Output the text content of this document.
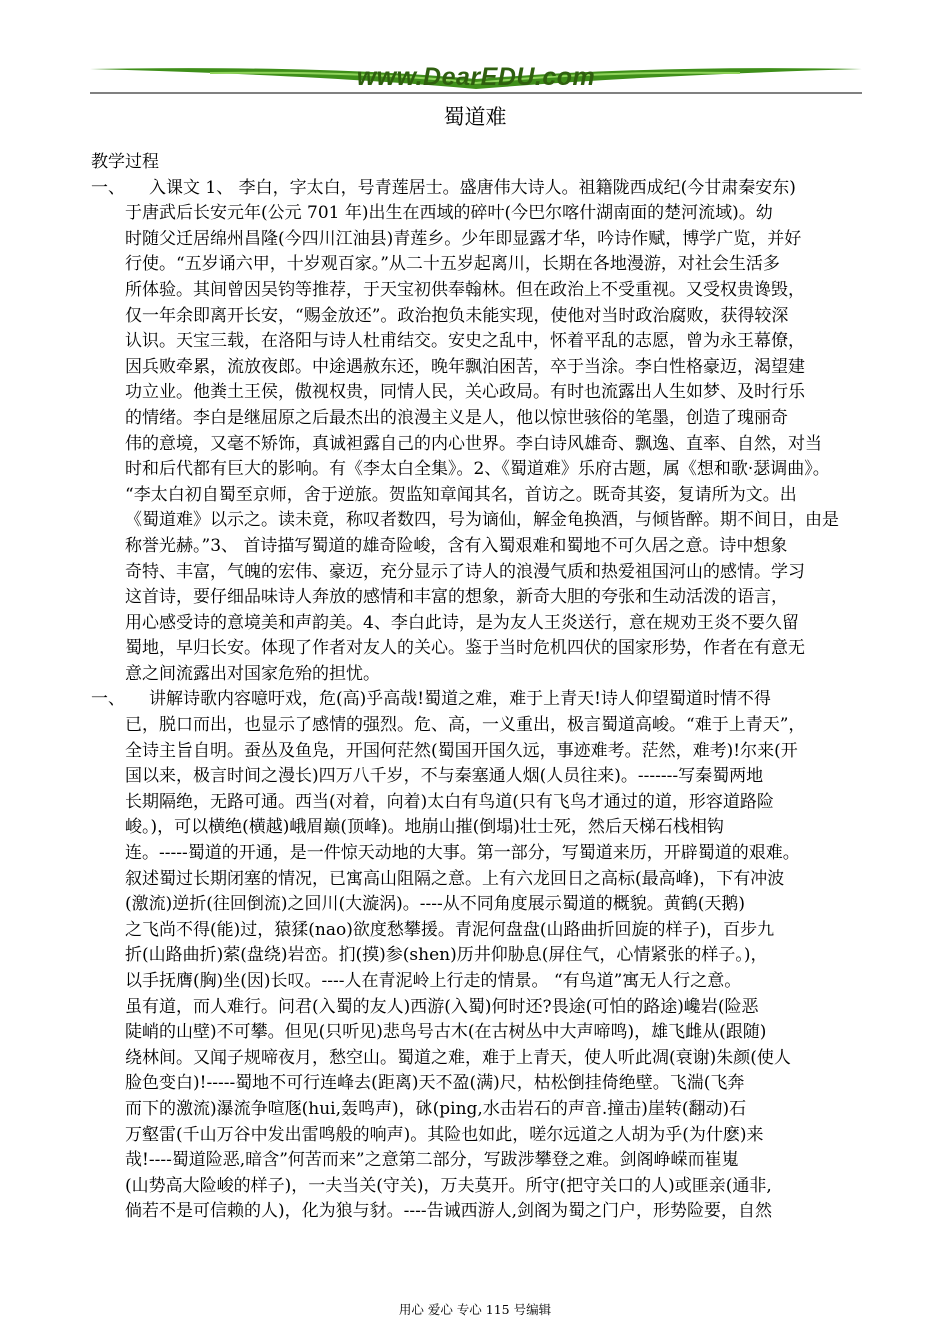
www.DearEDU.com
蜀道难
教学过程
一、 入课文 1、 李白，字太白，号青莲居士。盛唐伟大诗人。祖籍陇西成纪(今甘肃秦安东)
于唐武后长安元年(公元 701 年)出生在西域的碎叶(今巴尔喀什湖南面的楚河流域)。幼
时随父迁居绵州昌隆(今四川江油县)青莲乡。少年即显露才华，吟诗作赋，博学广览，并好
行使。“五岁诵六甲，十岁观百家。”从二十五岁起离川，长期在各地漫游，对社会生活多
所体验。其间曾因吴钧等推荐，于天宝初供奉翰林。但在政治上不受重视。又受权贵谗毁，
仅一年余即离开长安，“赐金放还”。政治抱负未能实现，使他对当时政治腐败，获得较深
认识。天宝三载，在洛阳与诗人杜甫结交。安史之乱中，怀着平乱的志愿，曾为永王幕僚，
因兵败牵累，流放夜郎。中途遇赦东还，晚年飘泊困苦，卒于当涂。李白性格豪迈，渴望建
功立业。他粪土王侯，傲视权贵，同情人民，关心政局。有时也流露出人生如梦、及时行乐
的情绪。李白是继屈原之后最杰出的浪漫主义是人，他以惊世骇俗的笔墨，创造了瑰丽奇
伟的意境，又毫不矫饰，真诚袒露自己的内心世界。李白诗风雄奇、飘逸、直率、自然，对当
时和后代都有巨大的影响。有《李太白全集》。2、《蜀道难》乐府古题，属《想和歌·瑟调曲》。
“李太白初自蜀至京师，舍于逆旅。贺监知章闻其名，首访之。既奇其姿，复请所为文。出
《蜀道难》以示之。读未竟，称叹者数四，号为谪仙，解金龟换酒，与倾皆醉。期不间日，由是
称誉光赫。”3、 首诗描写蜀道的雄奇险峻，含有入蜀艰难和蜀地不可久居之意。诗中想象
奇特、丰富，气魄的宏伟、豪迈，充分显示了诗人的浪漫气质和热爱祖国河山的感情。学习
这首诗，要仔细品味诗人奔放的感情和丰富的想象，新奇大胆的夸张和生动活泼的语言，
用心感受诗的意境美和声韵美。4、李白此诗，是为友人王炎送行，意在规劝王炎不要久留
蜀地，早归长安。体现了作者对友人的关心。鉴于当时危机四伏的国家形势，作者在有意无
意之间流露出对国家危殆的担忧。
一、 讲解诗歌内容噫吁戏，危(高)乎高哉!蜀道之难，难于上青天!诗人仰望蜀道时情不得
已，脱口而出，也显示了感情的强烈。危、高，一义重出，极言蜀道高峻。“难于上青天”，
全诗主旨自明。蚕丛及鱼凫，开国何茫然(蜀国开国久远，事迹难考。茫然，难考)!尔来(开
国以来，极言时间之漫长)四万八千岁，不与秦塞通人烟(人员往来)。-------写秦蜀两地
长期隔绝，无路可通。西当(对着，向着)太白有鸟道(只有飞鸟才通过的道，形容道路险
峻。)，可以横绝(横越)峨眉巅(顶峰)。地崩山摧(倒塌)壮士死，然后天梯石栈相钩
连。-----蜀道的开通，是一件惊天动地的大事。第一部分，写蜀道来历，开辟蜀道的艰难。
叙述蜀过长期闭塞的情况，已寓高山阻隔之意。上有六龙回日之高标(最高峰)，下有冲波
(激流)逆折(往回倒流)之回川(大漩涡)。----从不同角度展示蜀道的概貌。黄鹤(天鹅)
之飞尚不得(能)过，猿猱(nao)欲度愁攀援。青泥何盘盘(山路曲折回旋的样子)，百步九
折(山路曲折)萦(盘绕)岩峦。扪(摸)参(shen)历井仰胁息(屏住气，心情紧张的样子。)，
以手抚膺(胸)坐(因)长叹。----人在青泥岭上行走的情景。 “有鸟道”寓无人行之意。
虽有道，而人难行。问君(入蜀的友人)西游(入蜀)何时还?畏途(可怕的路途)巉岩(险恶
陡峭的山壁)不可攀。但见(只听见)悲鸟号古木(在古树丛中大声啼鸣)，雄飞雌从(跟随)
绕林间。又闻子规啼夜月，愁空山。蜀道之难，难于上青天，使人听此凋(衰谢)朱颜(使人
脸色变白)!-----蜀地不可行连峰去(距离)天不盈(满)尺，枯松倒挂倚绝壁。飞湍(飞奔
而下的激流)瀑流争喧豗(hui,轰鸣声)，砯(ping,水击岩石的声音.撞击)崖转(翻动)石
万壑雷(千山万谷中发出雷鸣般的响声)。其险也如此，嗟尔远道之人胡为乎(为什麽)来
哉!----蜀道险恶,暗含”何苦而来”之意第二部分，写跋涉攀登之难。剑阁峥嵘而崔嵬
(山势高大险峻的样子)，一夫当关(守关)，万夫莫开。所守(把守关口的人)或匪亲(通非,
倘若不是可信赖的人)，化为狼与豺。----告诫西游人,剑阁为蜀之门户，形势险要，自然
用心 爱心 专心 115 号编辑
